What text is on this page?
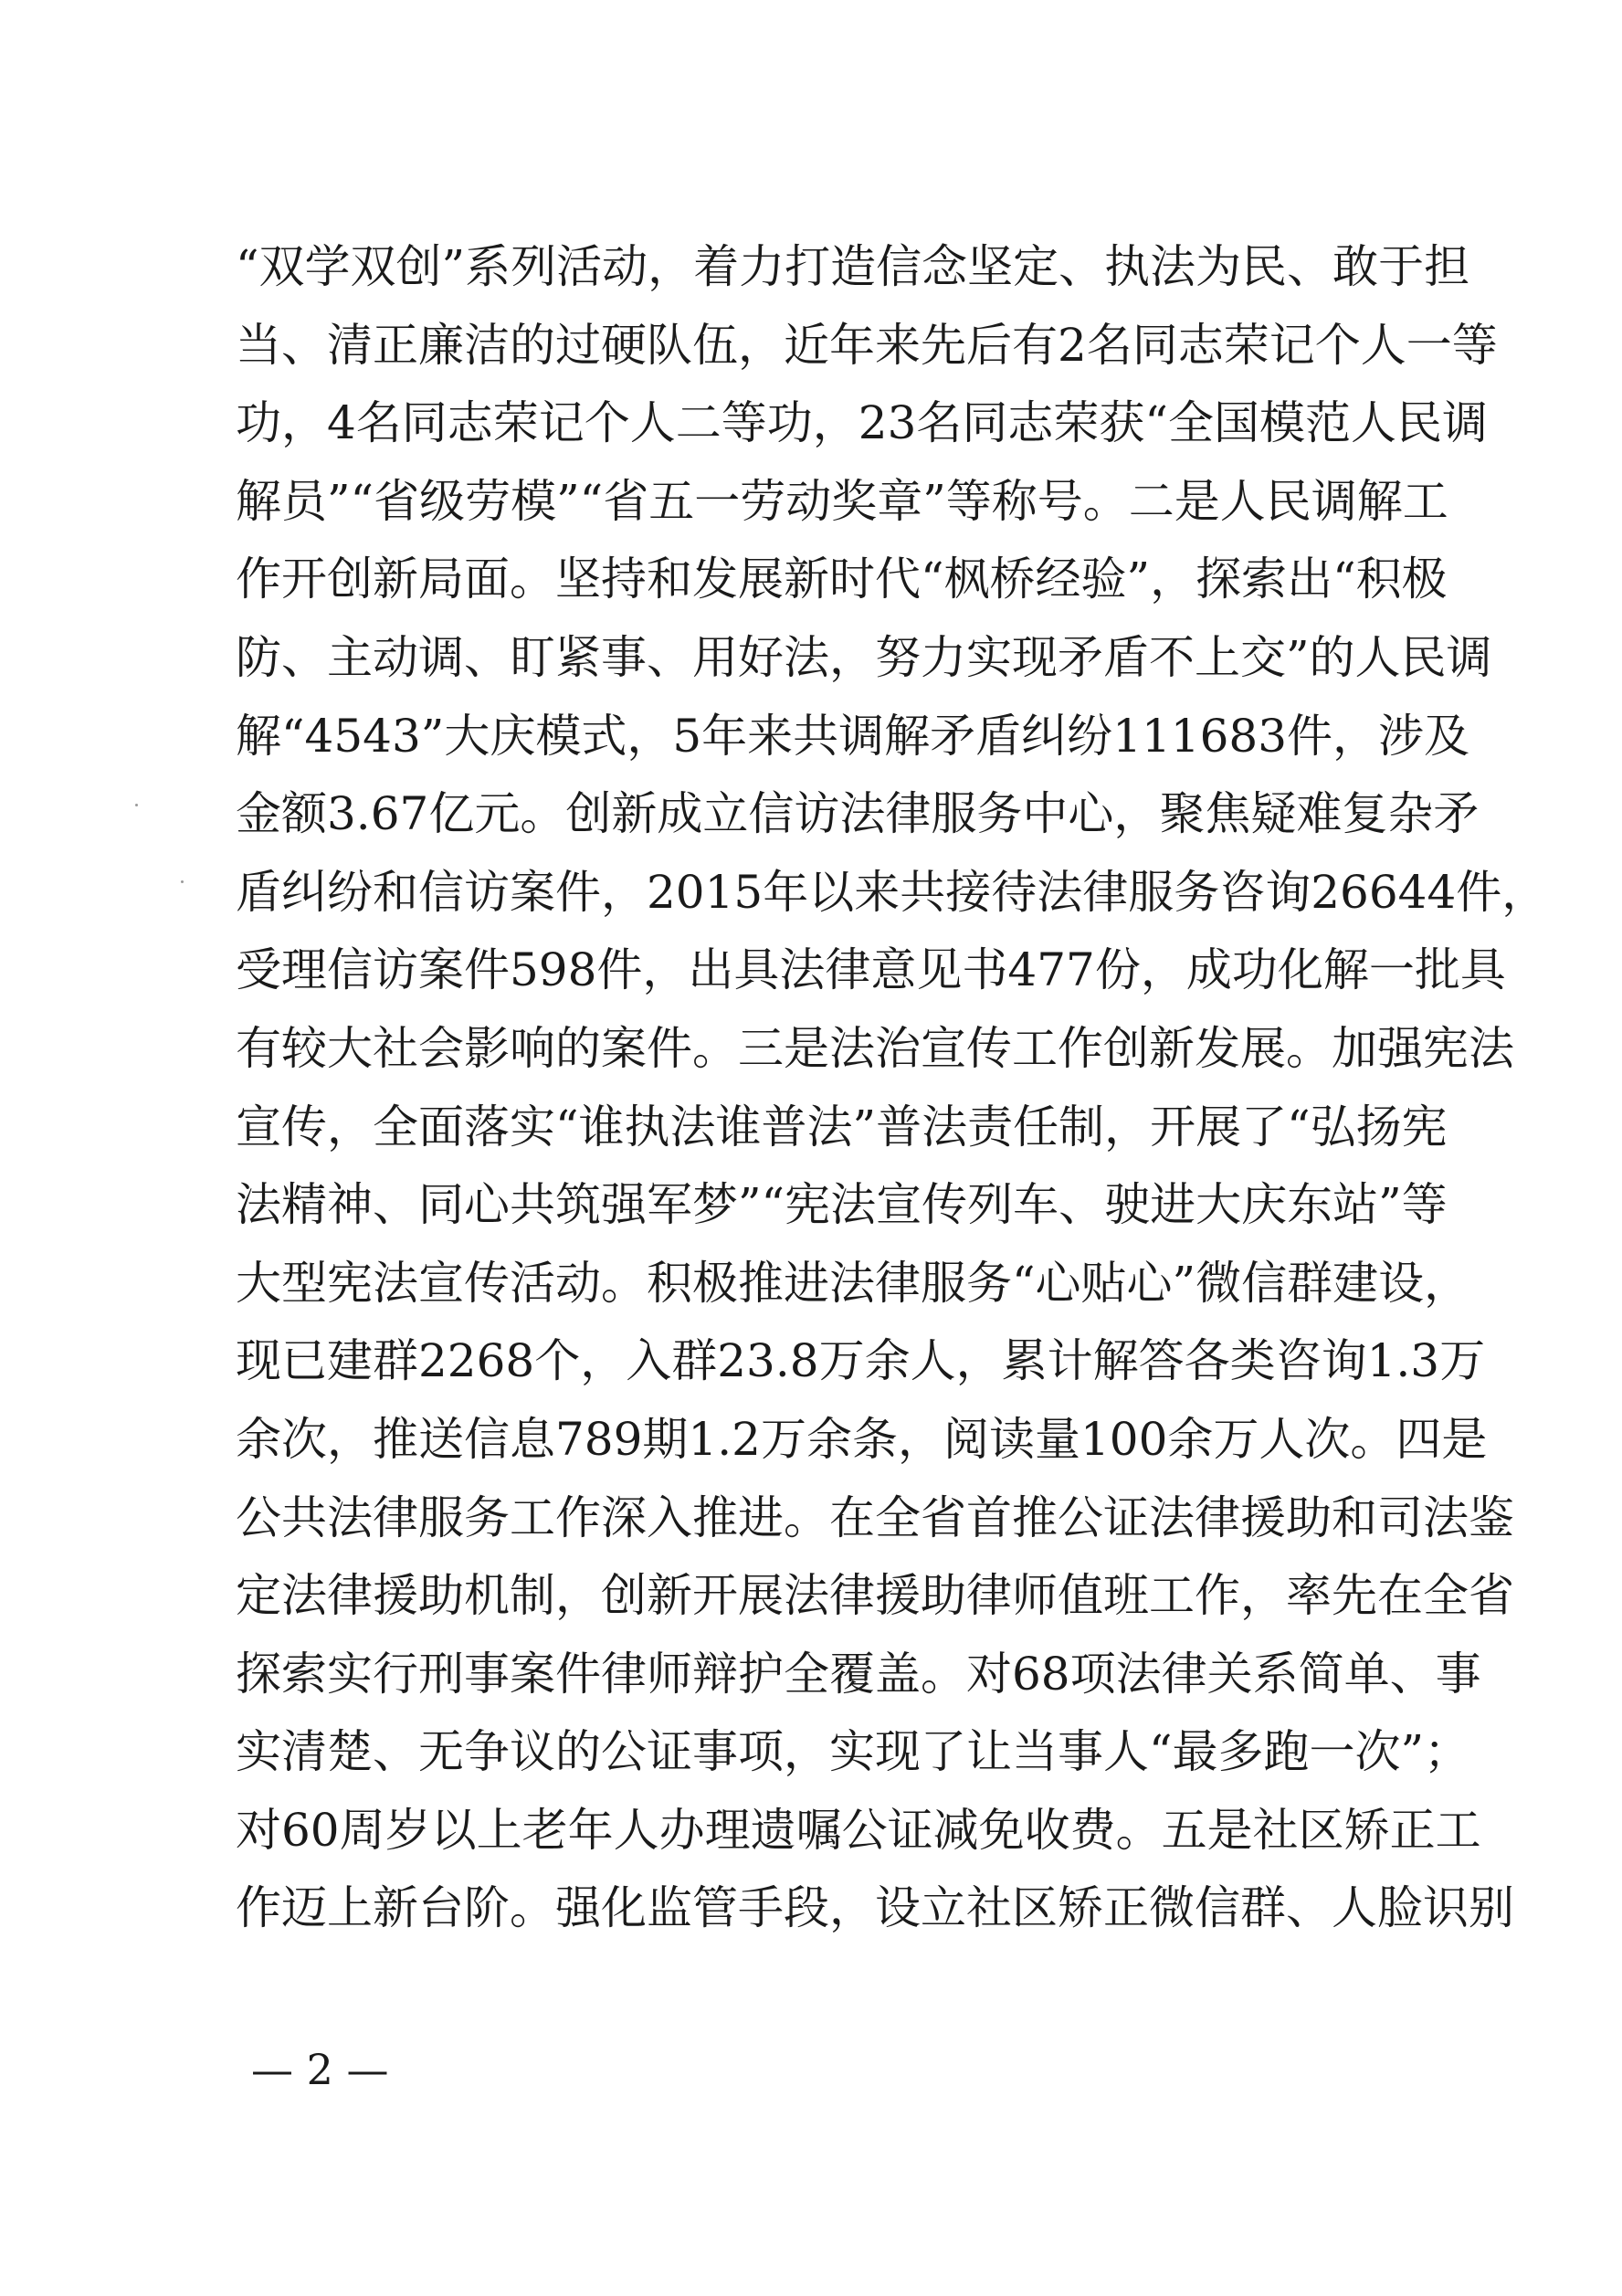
“双学双创”系列活动，着力打造信念坚定、执法为民、敢于担
当、清正廉洁的过硬队伍，近年来先后有2名同志荣记个人一等
功，4名同志荣记个人二等功，23名同志荣获“全国模范人民调
解员”“省级劳模”“省五一劳动奖章”等称号。二是人民调解工
作开创新局面。坚持和发展新时代“枫桥经验”，探索出“积极
防、主动调、盯紧事、用好法，努力实现矛盾不上交”的人民调
解“4543”大庆模式，5年来共调解矛盾纠纷111683件，涉及
金额3.67亿元。创新成立信访法律服务中心，聚焦疑难复杂矛
盾纠纷和信访案件，2015年以来共接待法律服务咨询26644件，
受理信访案件598件，出具法律意见书477份，成功化解一批具
有较大社会影响的案件。三是法治宣传工作创新发展。加强宪法
宣传，全面落实“谁执法谁普法”普法责任制，开展了“弘扬宪
法精神、同心共筑强军梦”“宪法宣传列车、驶进大庆东站”等
大型宪法宣传活动。积极推进法律服务“心贴心”微信群建设，
现已建群2268个，入群23.8万余人，累计解答各类咨询1.3万
余次，推送信息789期1.2万余条，阅读量100余万人次。四是
公共法律服务工作深入推进。在全省首推公证法律援助和司法鉴
定法律援助机制，创新开展法律援助律师值班工作，率先在全省
探索实行刑事案件律师辩护全覆盖。对68项法律关系简单、事
实清楚、无争议的公证事项，实现了让当事人“最多跑一次”；
对60周岁以上老年人办理遗嘱公证减免收费。五是社区矫正工
作迈上新台阶。强化监管手段，设立社区矫正微信群、人脸识别
— 2 —
